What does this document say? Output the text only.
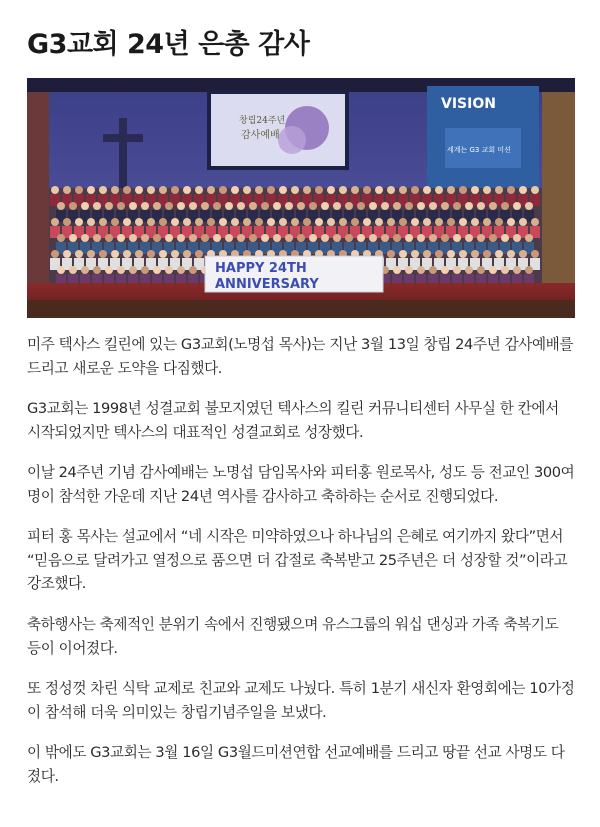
G3교회 24년 은총 감사
창립24주년
감사예배
VISION
세계는 G3 교회 미션
HAPPY 24TH
ANNIVERSARY

미주 텍사스 킬린에 있는 G3교회(노명섭 목사)는 지난 3월 13일 창립 24주년 감사예배를 드리고 새로운 도약을 다짐했다.

G3교회는 1998년 성결교회 불모지였던 텍사스의 킬린 커뮤니티센터 사무실 한 칸에서 시작되었지만 텍사스의 대표적인 성결교회로 성장했다.

이날 24주년 기념 감사예배는 노명섭 담임목사와 피터홍 원로목사, 성도 등 전교인 300여 명이 참석한 가운데 지난 24년 역사를 감사하고 축하하는 순서로 진행되었다.

피터 홍 목사는 설교에서 “네 시작은 미약하였으나 하나님의 은혜로 여기까지 왔다”면서 “믿음으로 달려가고 열정으로 품으면 더 갑절로 축복받고 25주년은 더 성장할 것”이라고 강조했다.

축하행사는 축제적인 분위기 속에서 진행됐으며 유스그룹의 워십 댄싱과 가족 축복기도 등이 이어졌다.

또 정성껏 차린 식탁 교제로 친교와 교제도 나눴다. 특히 1분기 새신자 환영회에는 10가정이 참석해 더욱 의미있는 창립기념주일을 보냈다.

이 밖에도 G3교회는 3월 16일 G3월드미션연합 선교예배를 드리고 땅끝 선교 사명도 다졌다.
